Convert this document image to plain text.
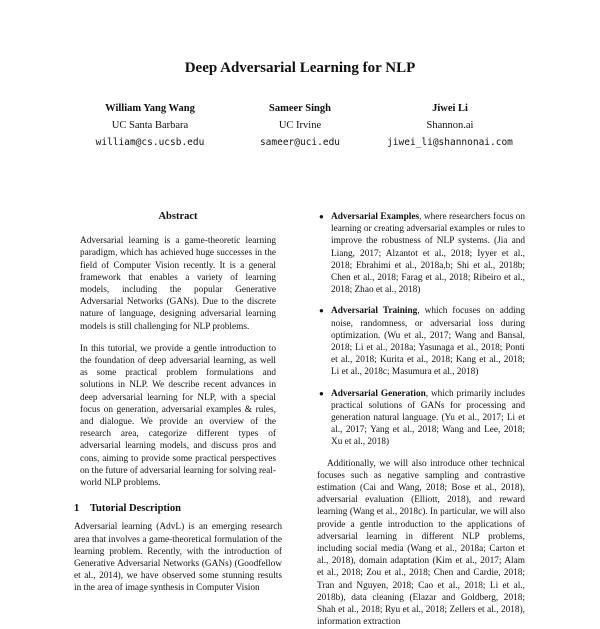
Deep Adversarial Learning for NLP
William Yang Wang
UC Santa Barbara
william@cs.ucsb.edu
Sameer Singh
UC Irvine
sameer@uci.edu
Jiwei Li
Shannon.ai
jiwei_li@shannonai.com
Abstract

Adversarial learning is a game-theoretic learning paradigm, which has achieved huge successes in the field of Computer Vision recently. It is a general framework that enables a variety of learning models, including the popular Generative Adversarial Networks (GANs). Due to the discrete nature of language, designing adversarial learning models is still challenging for NLP problems.

In this tutorial, we provide a gentle introduction to the foundation of deep adversarial learning, as well as some practical problem formulations and solutions in NLP. We describe recent advances in deep adversarial learning for NLP, with a special focus on generation, adversarial examples & rules, and dialogue. We provide an overview of the research area, categorize different types of adversarial learning models, and discuss pros and cons, aiming to provide some practical perspectives on the future of adversarial learning for solving real-world NLP problems.

1 Tutorial Description

Adversarial learning (AdvL) is an emerging research area that involves a game-theoretical formulation of the learning problem. Recently, with the introduction of Generative Adversarial Networks (GANs) (Goodfellow et al., 2014), we have observed some stunning results in the area of image synthesis in Computer Vision

● Adversarial Examples, where researchers focus on learning or creating adversarial examples or rules to improve the robustness of NLP systems. (Jia and Liang, 2017; Alzantot et al., 2018; Iyyer et al., 2018; Ebrahimi et al., 2018a,b; Shi et al., 2018b; Chen et al., 2018; Farag et al., 2018; Ribeiro et al., 2018; Zhao et al., 2018)
● Adversarial Training, which focuses on adding noise, randomness, or adversarial loss during optimization. (Wu et al., 2017; Wang and Bansal, 2018; Li et al., 2018a; Yasunaga et al., 2018; Ponti et al., 2018; Kurita et al., 2018; Kang et al., 2018; Li et al., 2018c; Masumura et al., 2018)
● Adversarial Generation, which primarily includes practical solutions of GANs for processing and generation natural language. (Yu et al., 2017; Li et al., 2017; Yang et al., 2018; Wang and Lee, 2018; Xu et al., 2018)

Additionally, we will also introduce other technical focuses such as negative sampling and contrastive estimation (Cai and Wang, 2018; Bose et al., 2018), adversarial evaluation (Elliott, 2018), and reward learning (Wang et al., 2018c). In particular, we will also provide a gentle introduction to the applications of adversarial learning in different NLP problems, including social media (Wang et al., 2018a; Carton et al., 2018), domain adaptation (Kim et al., 2017; Alam et al., 2018; Zou et al., 2018; Chen and Cardie, 2018; Tran and Nguyen, 2018; Cao et al., 2018; Li et al., 2018b), data cleaning (Elazar and Goldberg, 2018; Shah et al., 2018; Ryu et al., 2018; Zellers et al., 2018), information extraction
